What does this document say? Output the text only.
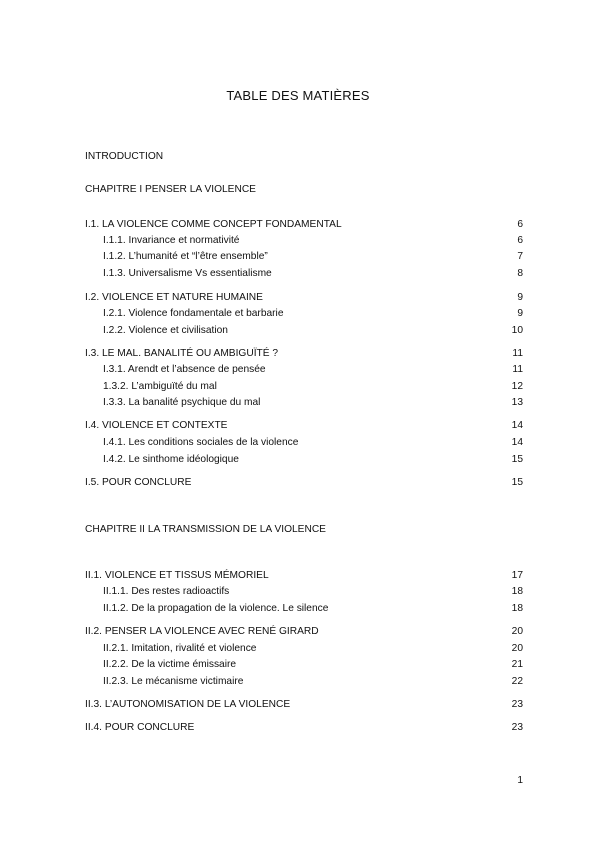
TABLE DES MATIÈRES
INTRODUCTION
CHAPITRE I PENSER LA VIOLENCE
I.1. LA VIOLENCE COMME CONCEPT FONDAMENTAL	6
I.1.1. Invariance et normativité	6
I.1.2. L’humanité et “l’être ensemble”	7
I.1.3. Universalisme Vs essentialisme	8
I.2. VIOLENCE ET NATURE HUMAINE	9
I.2.1. Violence fondamentale et barbarie	9
I.2.2. Violence et civilisation	10
I.3. LE MAL. BANALITÉ OU AMBIGUÏTÉ ?	11
I.3.1. Arendt et l’absence de pensée	11
1.3.2. L’ambiguïté du mal	12
I.3.3. La banalité psychique du mal	13
I.4. VIOLENCE ET CONTEXTE	14
I.4.1. Les conditions sociales de la violence	14
I.4.2. Le sinthome idéologique	15
I.5. POUR CONCLURE	15
CHAPITRE II LA TRANSMISSION DE LA VIOLENCE
II.1. VIOLENCE ET TISSUS MÉMORIEL	17
II.1.1. Des restes radioactifs	18
II.1.2. De la propagation de la violence. Le silence	18
II.2. PENSER LA VIOLENCE AVEC RENÉ GIRARD	20
II.2.1. Imitation, rivalité et violence	20
II.2.2. De la victime émissaire	21
II.2.3. Le mécanisme victimaire	22
II.3. L’AUTONOMISATION DE LA VIOLENCE	23
II.4. POUR CONCLURE	23
1
